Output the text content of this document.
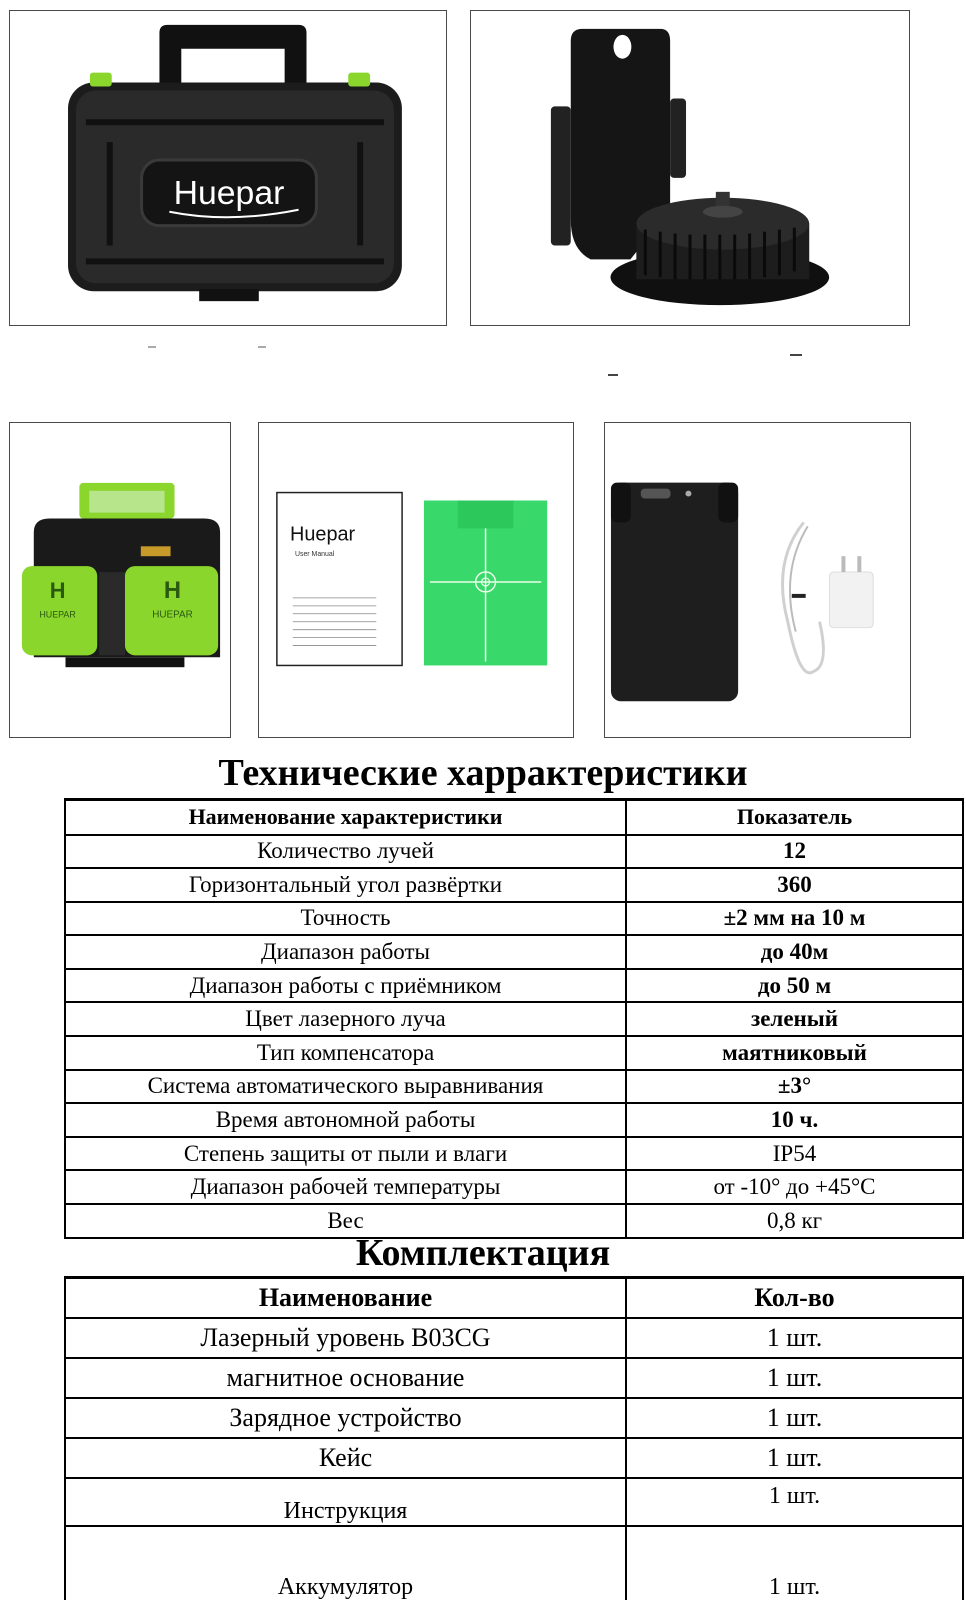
Huepar
H
HUEPAR
H
HUEPAR
Huepar
User Manual
Технические харрактеристики
Наименование характеристики	Показатель
Количество лучей	12
Горизонтальный угол развёртки	360
Точность	±2 мм на 10 м
Диапазон работы	до 40м
Диапазон работы с приёмником	до 50 м
Цвет лазерного луча	зеленый
Тип компенсатора	маятниковый
Система автоматического выравнивания	±3°
Время автономной работы	10 ч.
Степень защиты от пыли и влаги	IP54
Диапазон рабочей температуры	от -10° до +45°С
Вес	0,8 кг
Комплектация
Наименование	Кол-во
Лазерный уровень B03CG	1 шт.
магнитное основание	1 шт.
Зарядное устройство	1 шт.
Кейс	1 шт.
Инструкция	1 шт.
Аккумулятор	1 шт.
